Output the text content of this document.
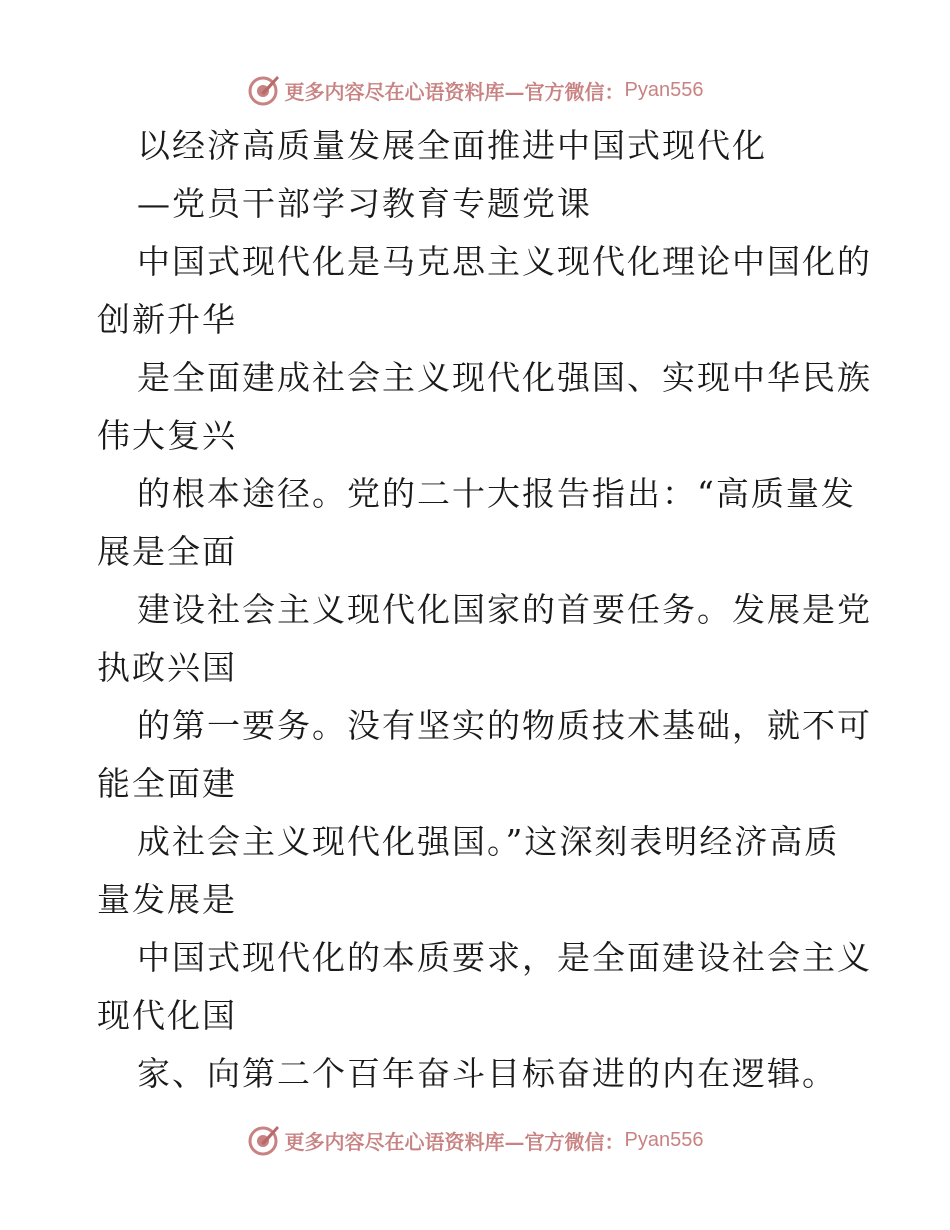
更多内容尽在心语资料库—官方微信： Pyan556
以经济高质量发展全面推进中国式现代化
—党员干部学习教育专题党课
中国式现代化是马克思主义现代化理论中国化的
创新升华
是全面建成社会主义现代化强国、实现中华民族
伟大复兴
的根本途径。党的二十大报告指出：“高质量发
展是全面
建设社会主义现代化国家的首要任务。发展是党
执政兴国
的第一要务。没有坚实的物质技术基础，就不可
能全面建
成社会主义现代化强国。”这深刻表明经济高质
量发展是
中国式现代化的本质要求，是全面建设社会主义
现代化国
家、向第二个百年奋斗目标奋进的内在逻辑。
更多内容尽在心语资料库—官方微信： Pyan556
